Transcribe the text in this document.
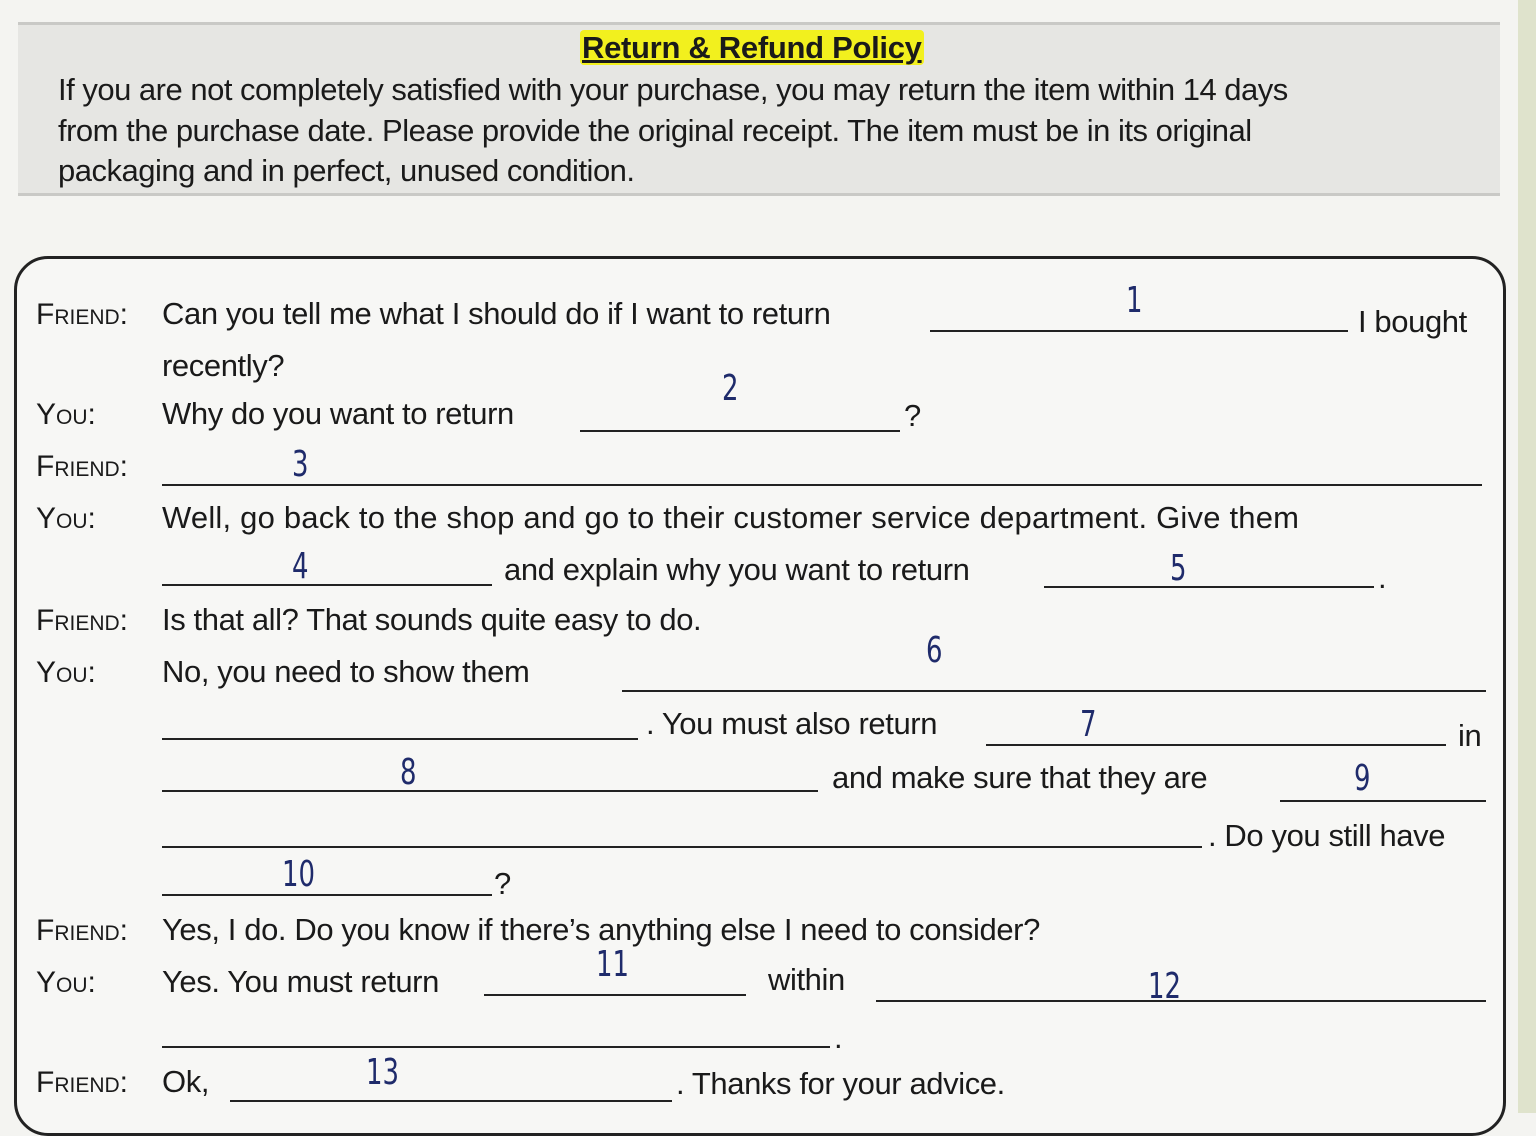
Return & Refund Policy
If you are not completely satisfied with your purchase, you may return the item within 14 days
from the purchase date. Please provide the original receipt. The item must be in its original
packaging and in perfect, unused condition.
Friend: Can you tell me what I should do if I want to return	1
I bought
recently?
You: Why do you want to return
2
?
Friend:	3
You: Well, go back to the shop and go to their customer service department. Give them
4	and explain why you want to return	5	.
Friend: Is that all? That sounds quite easy to do.
You: No, you need to show them
6
. You must also return	7	in
8	and make sure that they are	9
. Do you still have
10	?
Friend: Yes, I do. Do you know if there’s anything else I need to consider?
You: Yes. You must return	11	within	12
.
Friend: Ok,	13	. Thanks for your advice.
